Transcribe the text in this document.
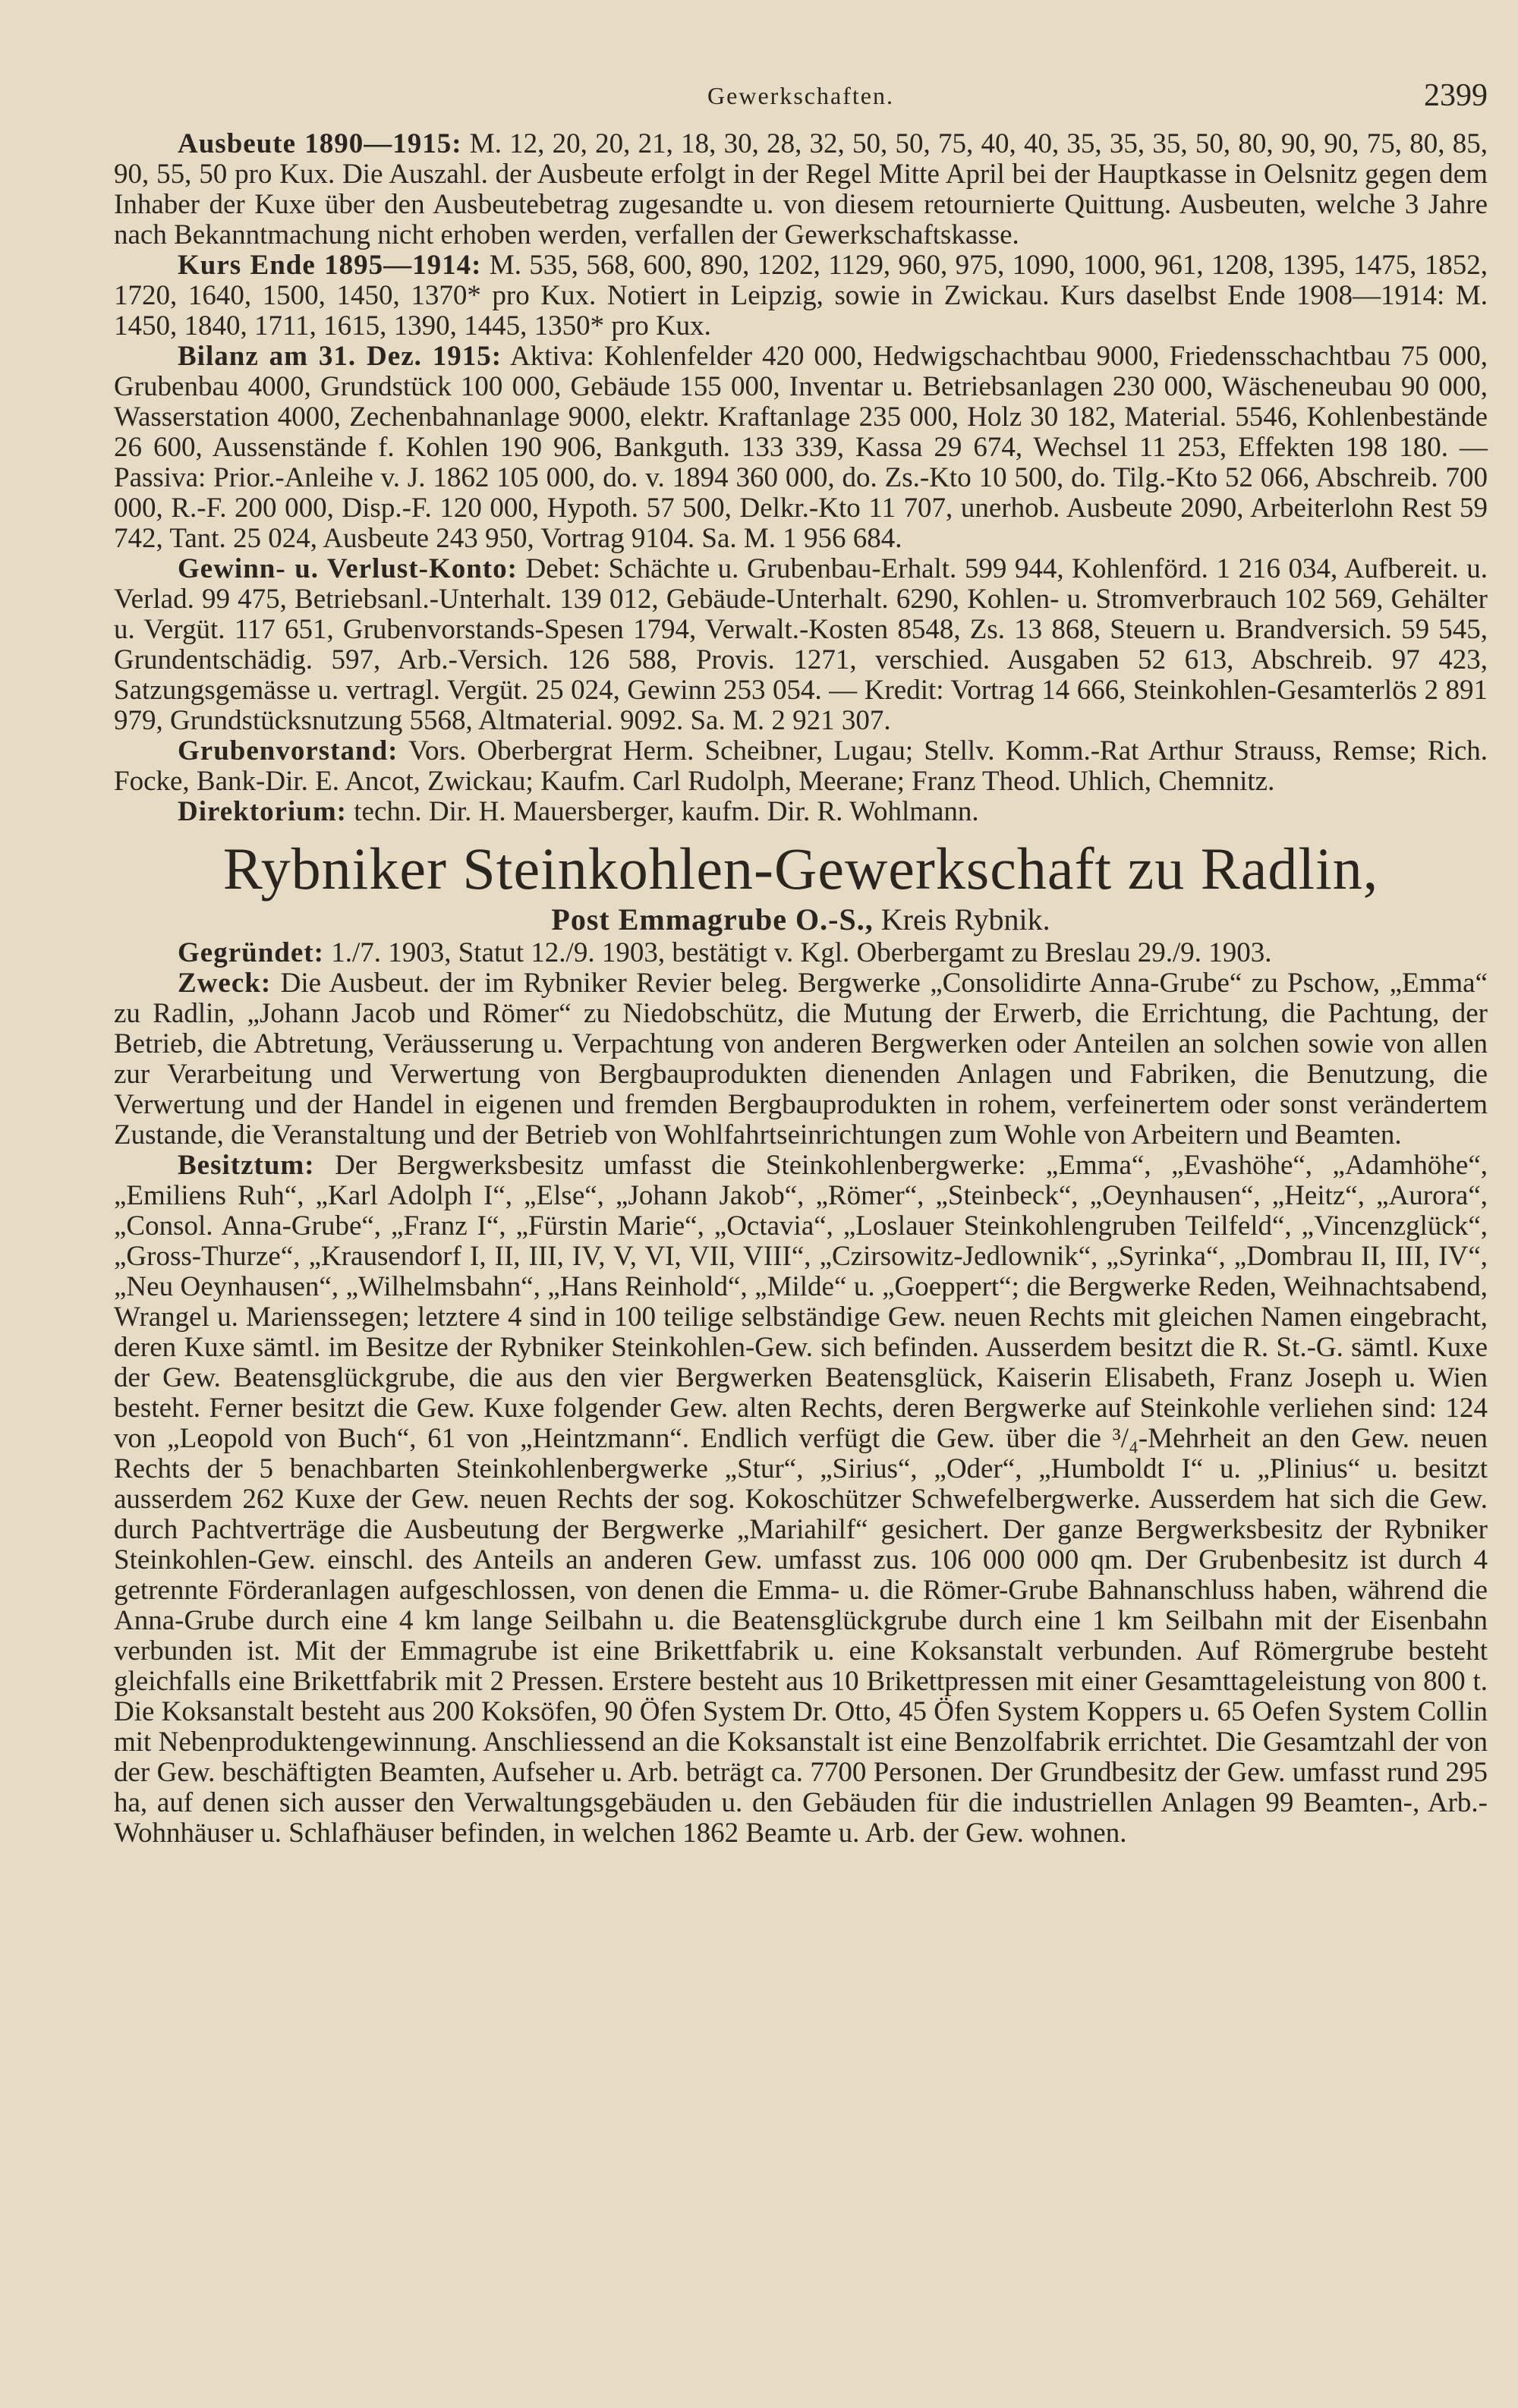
Gewerkschaften.	2399

Ausbeute 1890—1915: M. 12, 20, 20, 21, 18, 30, 28, 32, 50, 50, 75, 40, 40, 35, 35, 35, 50, 80, 90, 90, 75, 80, 85, 90, 55, 50 pro Kux. Die Auszahl. der Ausbeute erfolgt in der Regel Mitte April bei der Hauptkasse in Oelsnitz gegen dem Inhaber der Kuxe über den Ausbeutebetrag zugesandte u. von diesem retournierte Quittung. Ausbeuten, welche 3 Jahre nach Bekanntmachung nicht erhoben werden, verfallen der Gewerkschaftskasse.

Kurs Ende 1895—1914: M. 535, 568, 600, 890, 1202, 1129, 960, 975, 1090, 1000, 961, 1208, 1395, 1475, 1852, 1720, 1640, 1500, 1450, 1370* pro Kux. Notiert in Leipzig, sowie in Zwickau. Kurs daselbst Ende 1908—1914: M. 1450, 1840, 1711, 1615, 1390, 1445, 1350* pro Kux.

Bilanz am 31. Dez. 1915: Aktiva: Kohlenfelder 420 000, Hedwigschachtbau 9000, Friedensschachtbau 75 000, Grubenbau 4000, Grundstück 100 000, Gebäude 155 000, Inventar u. Betriebsanlagen 230 000, Wäscheneubau 90 000, Wasserstation 4000, Zechenbahnanlage 9000, elektr. Kraftanlage 235 000, Holz 30 182, Material. 5546, Kohlenbestände 26 600, Aussenstände f. Kohlen 190 906, Bankguth. 133 339, Kassa 29 674, Wechsel 11 253, Effekten 198 180. — Passiva: Prior.-Anleihe v. J. 1862 105 000, do. v. 1894 360 000, do. Zs.-Kto 10 500, do. Tilg.-Kto 52 066, Abschreib. 700 000, R.-F. 200 000, Disp.-F. 120 000, Hypoth. 57 500, Delkr.-Kto 11 707, unerhob. Ausbeute 2090, Arbeiterlohn Rest 59 742, Tant. 25 024, Ausbeute 243 950, Vortrag 9104. Sa. M. 1 956 684.

Gewinn- u. Verlust-Konto: Debet: Schächte u. Grubenbau-Erhalt. 599 944, Kohlenförd. 1 216 034, Aufbereit. u. Verlad. 99 475, Betriebsanl.-Unterhalt. 139 012, Gebäude-Unterhalt. 6290, Kohlen- u. Stromverbrauch 102 569, Gehälter u. Vergüt. 117 651, Grubenvorstands-Spesen 1794, Verwalt.-Kosten 8548, Zs. 13 868, Steuern u. Brandversich. 59 545, Grundentschädig. 597, Arb.-Versich. 126 588, Provis. 1271, verschied. Ausgaben 52 613, Abschreib. 97 423, Satzungsgemässe u. vertragl. Vergüt. 25 024, Gewinn 253 054. — Kredit: Vortrag 14 666, Steinkohlen-Gesamterlös 2 891 979, Grundstücksnutzung 5568, Altmaterial. 9092. Sa. M. 2 921 307.

Grubenvorstand: Vors. Oberbergrat Herm. Scheibner, Lugau; Stellv. Komm.-Rat Arthur Strauss, Remse; Rich. Focke, Bank-Dir. E. Ancot, Zwickau; Kaufm. Carl Rudolph, Meerane; Franz Theod. Uhlich, Chemnitz.

Direktorium: techn. Dir. H. Mauersberger, kaufm. Dir. R. Wohlmann.

Rybniker Steinkohlen-Gewerkschaft zu Radlin,
Post Emmagrube O.-S., Kreis Rybnik.

Gegründet: 1./7. 1903, Statut 12./9. 1903, bestätigt v. Kgl. Oberbergamt zu Breslau 29./9. 1903.

Zweck: Die Ausbeut. der im Rybniker Revier beleg. Bergwerke „Consolidirte Anna-Grube“ zu Pschow, „Emma“ zu Radlin, „Johann Jacob und Römer“ zu Niedobschütz, die Mutung der Erwerb, die Errichtung, die Pachtung, der Betrieb, die Abtretung, Veräusserung u. Verpachtung von anderen Bergwerken oder Anteilen an solchen sowie von allen zur Verarbeitung und Verwertung von Bergbauprodukten dienenden Anlagen und Fabriken, die Benutzung, die Verwertung und der Handel in eigenen und fremden Bergbauprodukten in rohem, verfeinertem oder sonst verändertem Zustande, die Veranstaltung und der Betrieb von Wohlfahrtseinrichtungen zum Wohle von Arbeitern und Beamten.

Besitztum: Der Bergwerksbesitz umfasst die Steinkohlenbergwerke: „Emma“, „Evashöhe“, „Adamhöhe“, „Emiliens Ruh“, „Karl Adolph I“, „Else“, „Johann Jakob“, „Römer“, „Steinbeck“, „Oeynhausen“, „Heitz“, „Aurora“, „Consol. Anna-Grube“, „Franz I“, „Fürstin Marie“, „Octavia“, „Loslauer Steinkohlengruben Teilfeld“, „Vincenzglück“, „Gross-Thurze“, „Krausendorf I, II, III, IV, V, VI, VII, VIII“, „Czirsowitz-Jedlownik“, „Syrinka“, „Dombrau II, III, IV“, „Neu Oeynhausen“, „Wilhelmsbahn“, „Hans Reinhold“, „Milde“ u. „Goeppert“; die Bergwerke Reden, Weihnachtsabend, Wrangel u. Marienssegen; letztere 4 sind in 100 teilige selbständige Gew. neuen Rechts mit gleichen Namen eingebracht, deren Kuxe sämtl. im Besitze der Rybniker Steinkohlen-Gew. sich befinden. Ausserdem besitzt die R. St.-G. sämtl. Kuxe der Gew. Beatensglückgrube, die aus den vier Bergwerken Beatensglück, Kaiserin Elisabeth, Franz Joseph u. Wien besteht. Ferner besitzt die Gew. Kuxe folgender Gew. alten Rechts, deren Bergwerke auf Steinkohle verliehen sind: 124 von „Leopold von Buch“, 61 von „Heintzmann“. Endlich verfügt die Gew. über die ³/₄-Mehrheit an den Gew. neuen Rechts der 5 benachbarten Steinkohlenbergwerke „Stur“, „Sirius“, „Oder“, „Humboldt I“ u. „Plinius“ u. besitzt ausserdem 262 Kuxe der Gew. neuen Rechts der sog. Kokoschützer Schwefelbergwerke. Ausserdem hat sich die Gew. durch Pachtverträge die Ausbeutung der Bergwerke „Mariahilf“ gesichert. Der ganze Bergwerksbesitz der Rybniker Steinkohlen-Gew. einschl. des Anteils an anderen Gew. umfasst zus. 106 000 000 qm. Der Grubenbesitz ist durch 4 getrennte Förderanlagen aufgeschlossen, von denen die Emma- u. die Römer-Grube Bahnanschluss haben, während die Anna-Grube durch eine 4 km lange Seilbahn u. die Beatensglückgrube durch eine 1 km Seilbahn mit der Eisenbahn verbunden ist. Mit der Emmagrube ist eine Brikettfabrik u. eine Koksanstalt verbunden. Auf Römergrube besteht gleichfalls eine Brikettfabrik mit 2 Pressen. Erstere besteht aus 10 Brikettpressen mit einer Gesamttageleistung von 800 t. Die Koksanstalt besteht aus 200 Koksöfen, 90 Öfen System Dr. Otto, 45 Öfen System Koppers u. 65 Oefen System Collin mit Nebenproduktengewinnung. Anschliessend an die Koksanstalt ist eine Benzolfabrik errichtet. Die Gesamtzahl der von der Gew. beschäftigten Beamten, Aufseher u. Arb. beträgt ca. 7700 Personen. Der Grundbesitz der Gew. umfasst rund 295 ha, auf denen sich ausser den Verwaltungsgebäuden u. den Gebäuden für die industriellen Anlagen 99 Beamten-, Arb.-Wohnhäuser u. Schlafhäuser befinden, in welchen 1862 Beamte u. Arb. der Gew. wohnen.
